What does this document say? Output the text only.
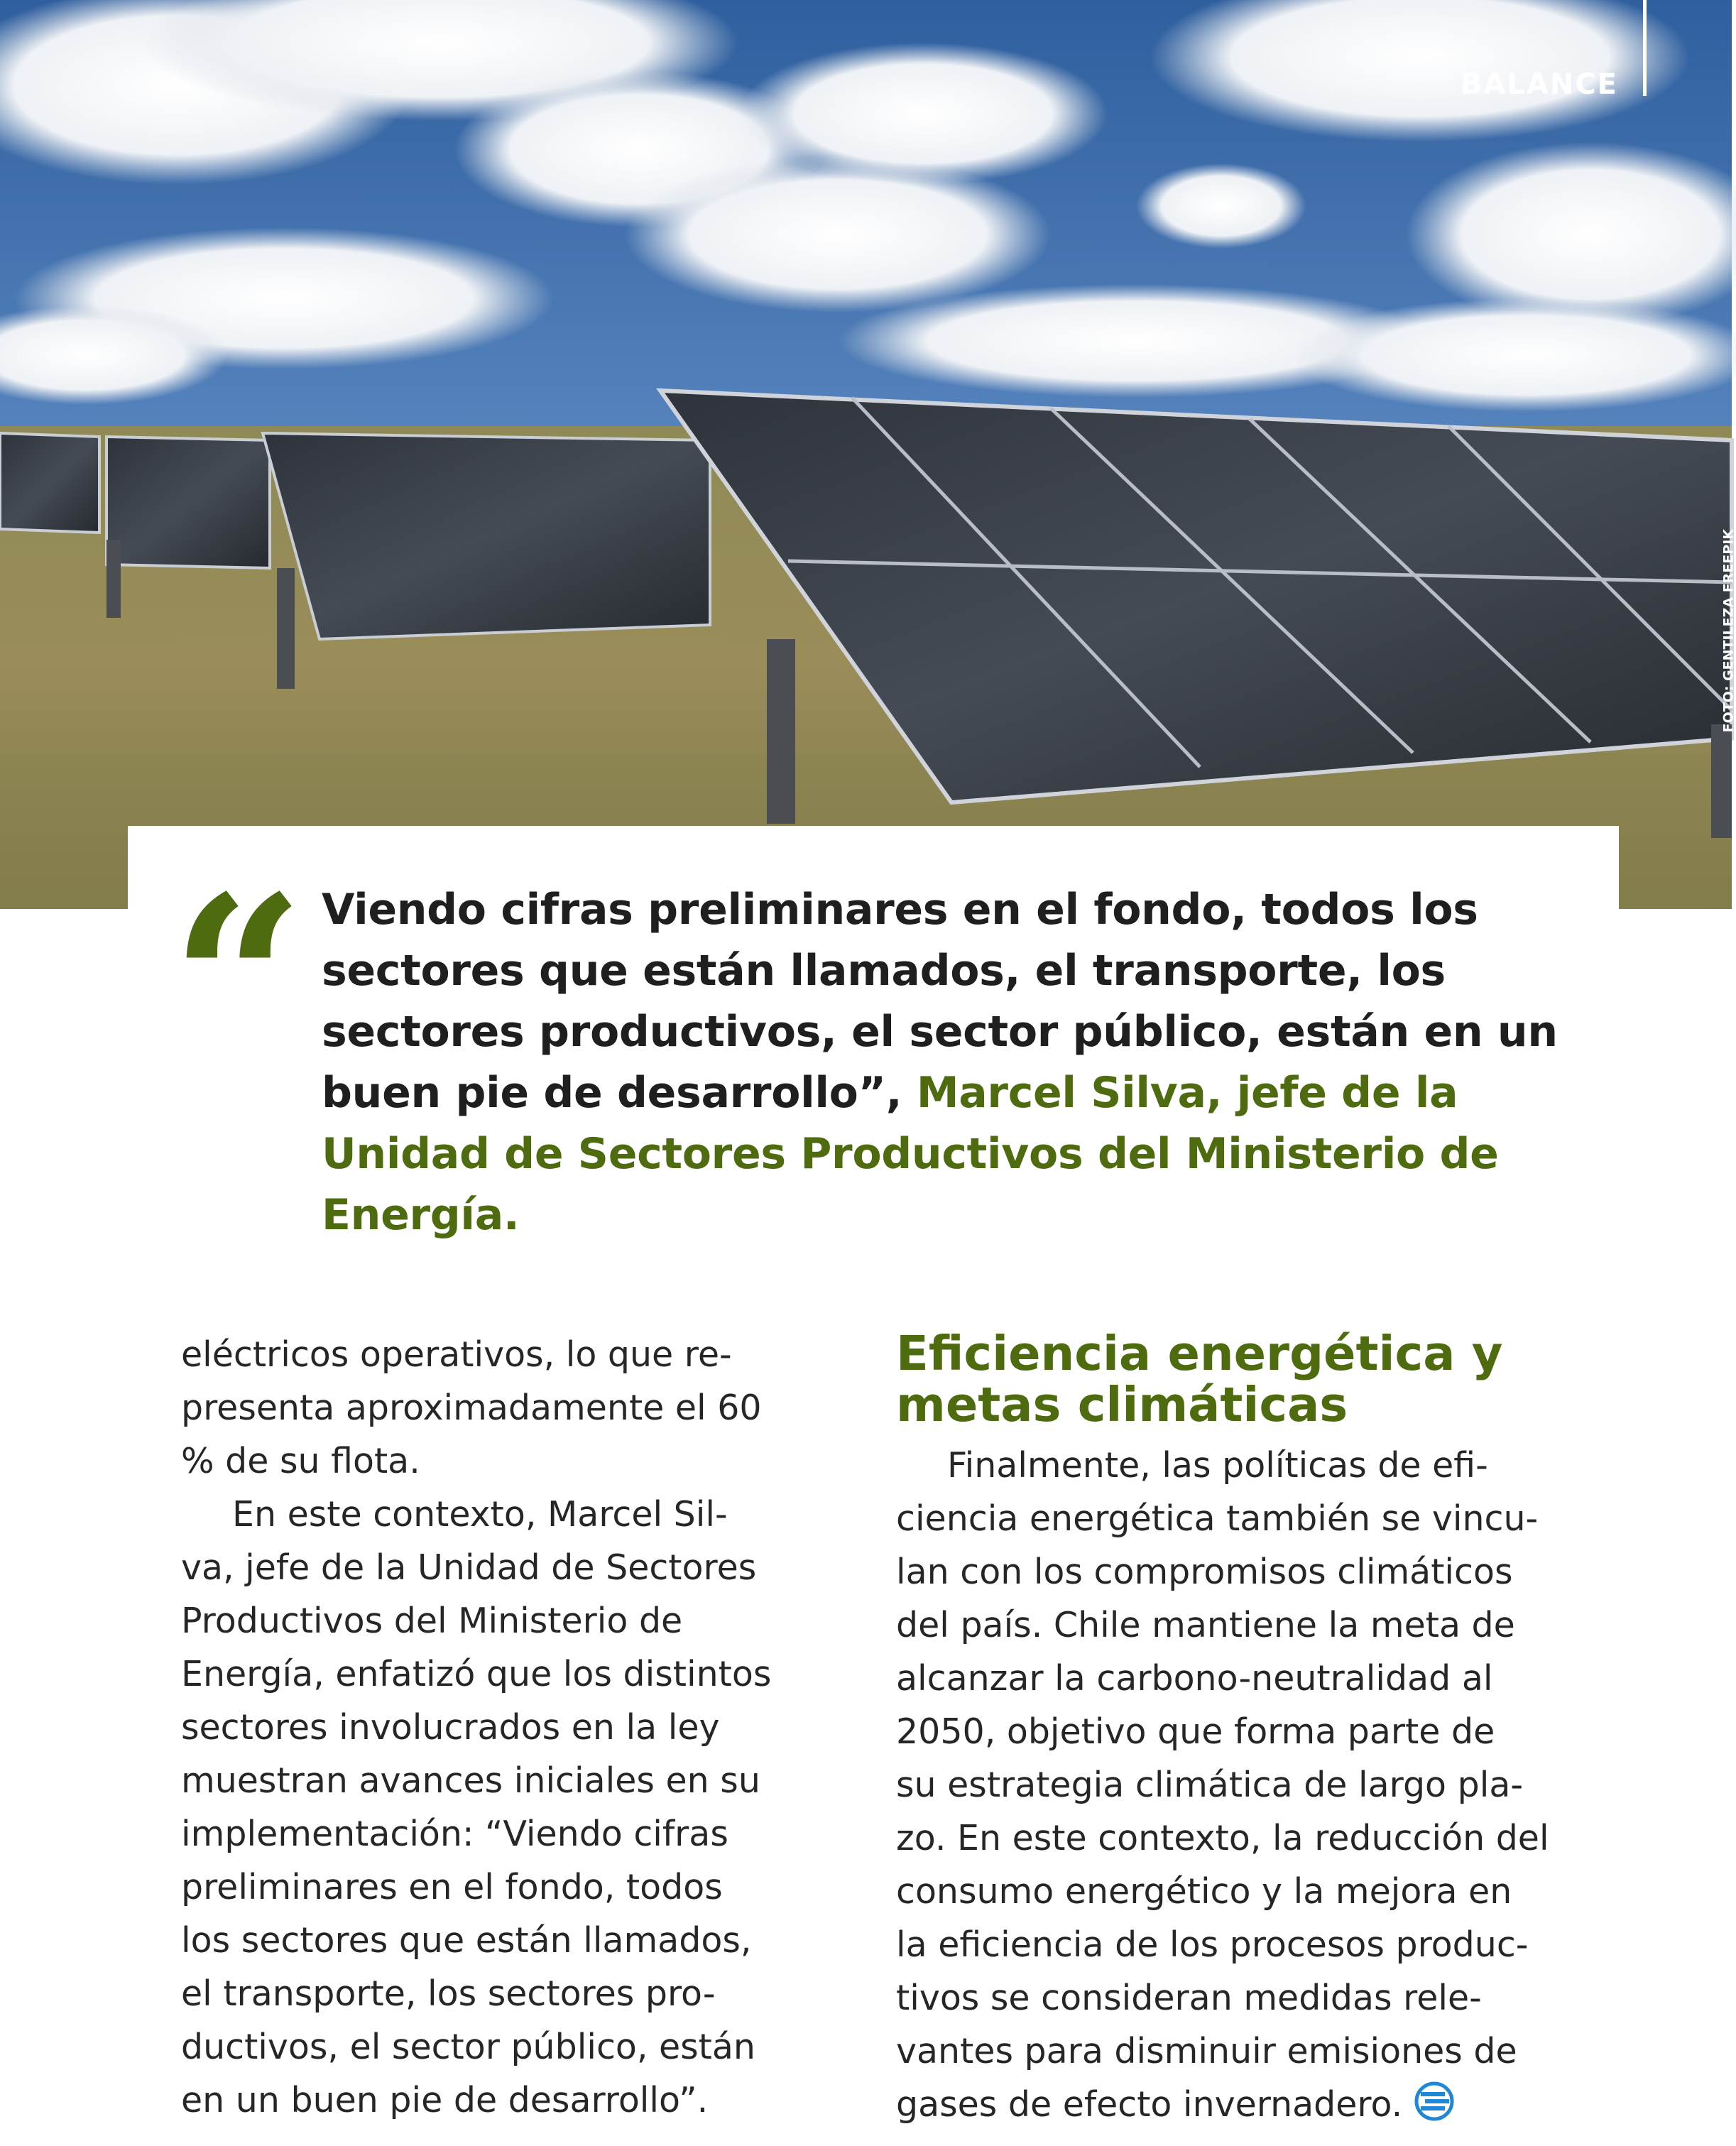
BALANCE
FOTO: GENTILEZA FREEPIK
“ Viendo cifras preliminares en el fondo, todos los sectores que están llamados, el transporte, los sectores productivos, el sector público, están en un buen pie de desarrollo”, Marcel Silva, jefe de la Unidad de Sectores Productivos del Ministerio de Energía.

eléctricos operativos, lo que re-
presenta aproximadamente el 60
% de su flota.

En este contexto, Marcel Sil-
va, jefe de la Unidad de Sectores
Productivos del Ministerio de
Energía, enfatizó que los distintos
sectores involucrados en la ley
muestran avances iniciales en su
implementación: “Viendo cifras
preliminares en el fondo, todos
los sectores que están llamados,
el transporte, los sectores pro-
ductivos, el sector público, están
en un buen pie de desarrollo”.

Eficiencia energética y
metas climáticas

Finalmente, las políticas de efi-
ciencia energética también se vincu-
lan con los compromisos climáticos
del país. Chile mantiene la meta de
alcanzar la carbono-neutralidad al
2050, objetivo que forma parte de
su estrategia climática de largo pla-
zo. En este contexto, la reducción del
consumo energético y la mejora en
la eficiencia de los procesos produc-
tivos se consideran medidas rele-
vantes para disminuir emisiones de
gases de efecto invernadero.
